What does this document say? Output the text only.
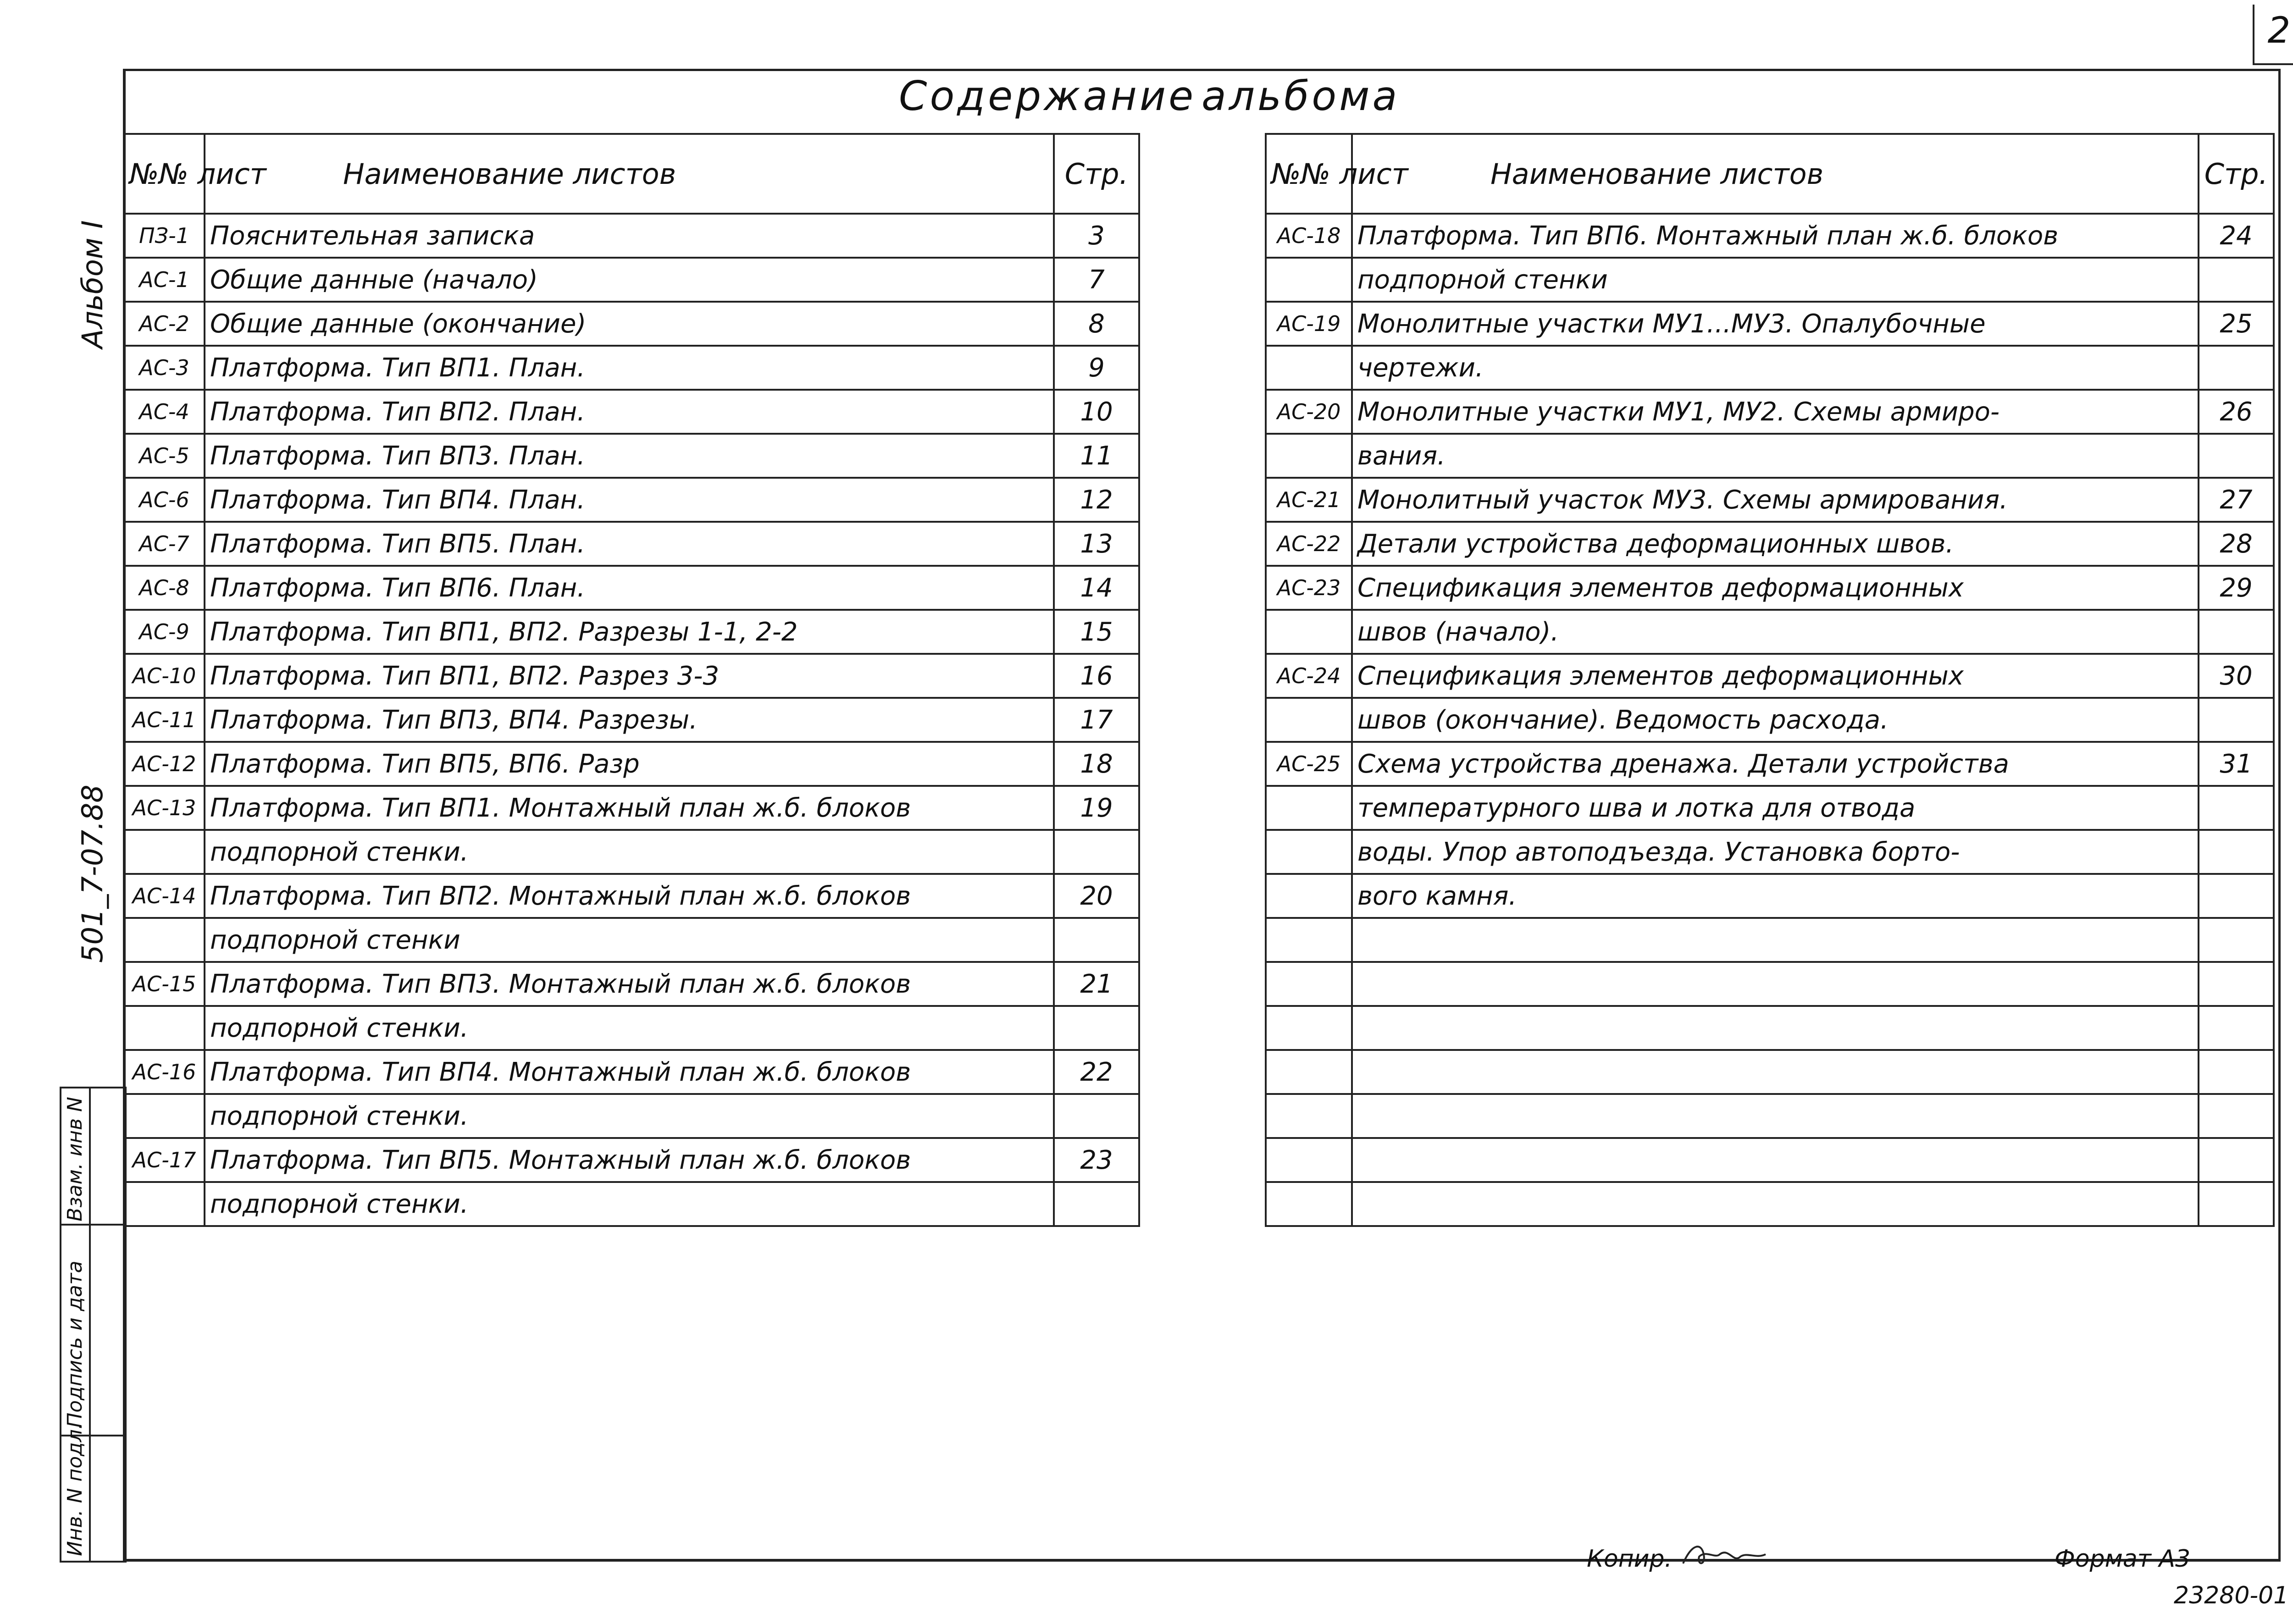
2
Содержание альбома
Альбом I
501_7-07.88
Взам. инв N
Подпись и дата
Инв. N подл.
№№ лист	Наименование листов	Стр.
ПЗ-1	Пояснительная записка	3
АС-1	Общие данные (начало)	7
АС-2	Общие данные (окончание)	8
АС-3	Платформа. Тип ВП1. План.	9
АС-4	Платформа. Тип ВП2. План.	10
АС-5	Платформа. Тип ВП3. План.	11
АС-6	Платформа. Тип ВП4. План.	12
АС-7	Платформа. Тип ВП5. План.	13
АС-8	Платформа. Тип ВП6. План.	14
АС-9	Платформа. Тип ВП1, ВП2. Разрезы 1-1, 2-2	15
АС-10	Платформа. Тип ВП1, ВП2. Разрез 3-3	16
АС-11	Платформа. Тип ВП3, ВП4. Разрезы.	17
АС-12	Платформа. Тип ВП5, ВП6. Разр	18
АС-13	Платформа. Тип ВП1. Монтажный план ж.б. блоков	19
	подпорной стенки.	
АС-14	Платформа. Тип ВП2. Монтажный план ж.б. блоков	20
	подпорной стенки	
АС-15	Платформа. Тип ВП3. Монтажный план ж.б. блоков	21
	подпорной стенки.	
АС-16	Платформа. Тип ВП4. Монтажный план ж.б. блоков	22
	подпорной стенки.	
АС-17	Платформа. Тип ВП5. Монтажный план ж.б. блоков	23
	подпорной стенки.	
№№ лист	Наименование листов	Стр.
АС-18	Платформа. Тип ВП6. Монтажный план ж.б. блоков	24
	подпорной стенки	
АС-19	Монолитные участки МУ1...МУ3. Опалубочные	25
	чертежи.	
АС-20	Монолитные участки МУ1, МУ2. Схемы армиро-	26
	вания.	
АС-21	Монолитный участок МУ3. Схемы армирования.	27
АС-22	Детали устройства деформационных швов.	28
АС-23	Спецификация элементов деформационных	29
	швов (начало).	
АС-24	Спецификация элементов деформационных	30
	швов (окончание). Ведомость расхода.	
АС-25	Схема устройства дренажа. Детали устройства	31
	температурного шва и лотка для отвода	
	воды. Упор автоподъезда. Установка борто-	
	вого камня.	

Копир.	Формат А3
23280-01
